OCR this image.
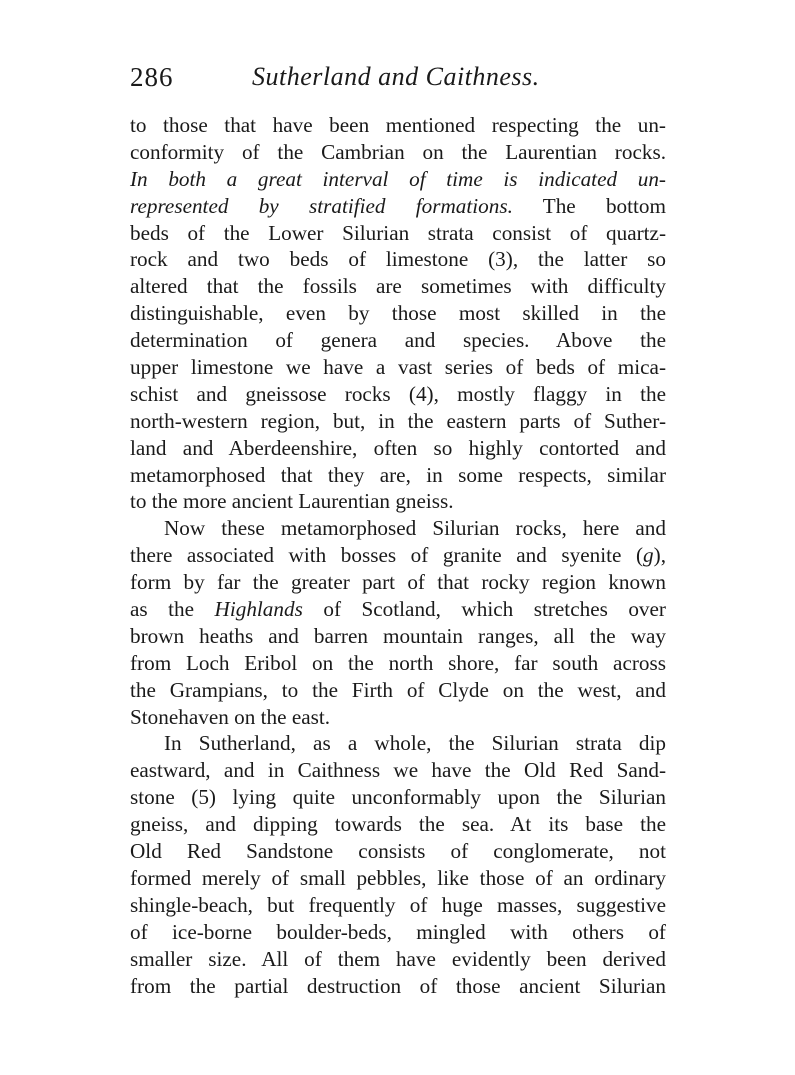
286	Sutherland and Caithness.
to those that have been mentioned respecting the un-
conformity of the Cambrian on the Laurentian rocks.
In both a great interval of time is indicated un-
represented by stratified formations. The bottom
beds of the Lower Silurian strata consist of quartz-
rock and two beds of limestone (3), the latter so
altered that the fossils are sometimes with difficulty
distinguishable, even by those most skilled in the
determination of genera and species. Above the
upper limestone we have a vast series of beds of mica-
schist and gneissose rocks (4), mostly flaggy in the
north-western region, but, in the eastern parts of Suther-
land and Aberdeenshire, often so highly contorted and
metamorphosed that they are, in some respects, similar
to the more ancient Laurentian gneiss.
Now these metamorphosed Silurian rocks, here and
there associated with bosses of granite and syenite (g),
form by far the greater part of that rocky region known
as the Highlands of Scotland, which stretches over
brown heaths and barren mountain ranges, all the way
from Loch Eribol on the north shore, far south across
the Grampians, to the Firth of Clyde on the west, and
Stonehaven on the east.
In Sutherland, as a whole, the Silurian strata dip
eastward, and in Caithness we have the Old Red Sand-
stone (5) lying quite unconformably upon the Silurian
gneiss, and dipping towards the sea. At its base the
Old Red Sandstone consists of conglomerate, not
formed merely of small pebbles, like those of an ordinary
shingle-beach, but frequently of huge masses, suggestive
of ice-borne boulder-beds, mingled with others of
smaller size. All of them have evidently been derived
from the partial destruction of those ancient Silurian
